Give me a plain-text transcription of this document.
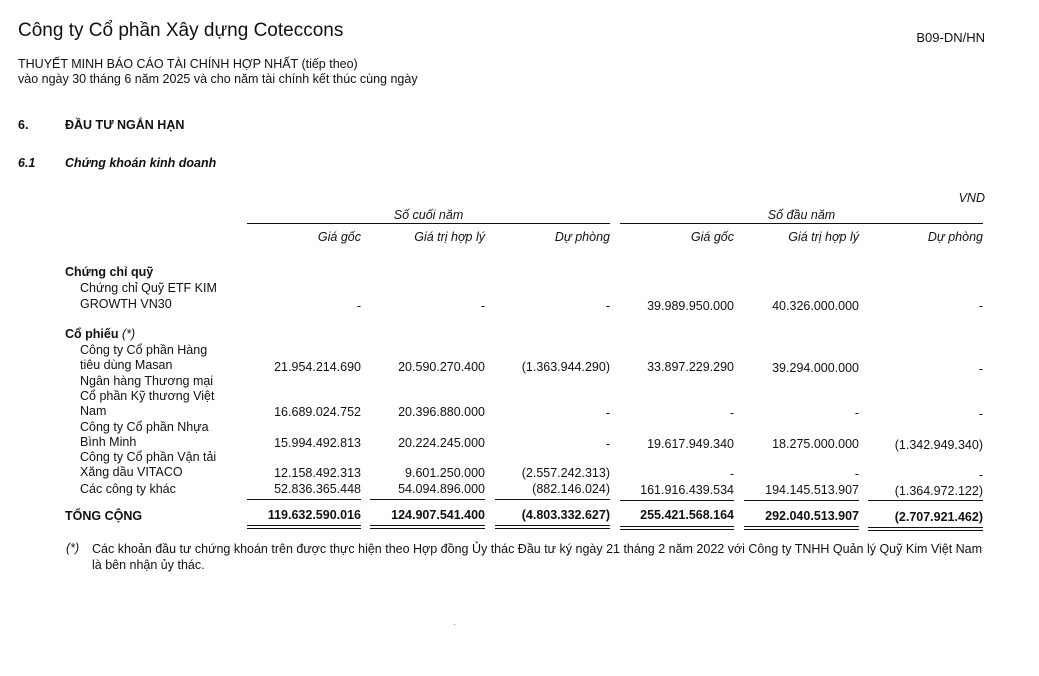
Công ty Cổ phần Xây dựng Coteccons	B09-DN/HN
THUYẾT MINH BÁO CÁO TÀI CHÍNH HỢP NHẤT (tiếp theo)
vào ngày 30 tháng 6 năm 2025 và cho năm tài chính kết thúc cùng ngày
6.	ĐẦU TƯ NGẮN HẠN
6.1 Chứng khoán kinh doanh
VND
Số cuối năm	Số đầu năm
Giá gốc	Giá trị hợp lý	Dự phòng	Giá gốc	Giá trị hợp lý	Dự phòng
Chứng chỉ quỹ
Chứng chỉ Quỹ ETF KIM
GROWTH VN30	-	-	-	39.989.950.000	40.326.000.000	-
Cổ phiếu (*)
Công ty Cổ phần Hàng
tiêu dùng Masan	21.954.214.690	20.590.270.400	(1.363.944.290)	33.897.229.290	39.294.000.000	-
Ngân hàng Thương mại
Cổ phần Kỹ thương Việt
Nam	16.689.024.752	20.396.880.000	-	-	-	-
Công ty Cổ phần Nhựa
Bình Minh	15.994.492.813	20.224.245.000	-	19.617.949.340	18.275.000.000	(1.342.949.340)
Công ty Cổ phần Vận tải
Xăng dầu VITACO	12.158.492.313	9.601.250.000	(2.557.242.313)	-	-	-
Các công ty khác	52.836.365.448	54.094.896.000	(882.146.024)	161.916.439.534	194.145.513.907	(1.364.972.122)
TỔNG CỘNG	119.632.590.016	124.907.541.400	(4.803.332.627)	255.421.568.164	292.040.513.907	(2.707.921.462)
(*) Các khoản đầu tư chứng khoán trên được thực hiện theo Hợp đồng Ủy thác Đầu tư ký ngày 21 tháng 2 năm 2022 với Công ty TNHH Quản lý Quỹ Kim Việt Nam là bên nhận ủy thác.
-
